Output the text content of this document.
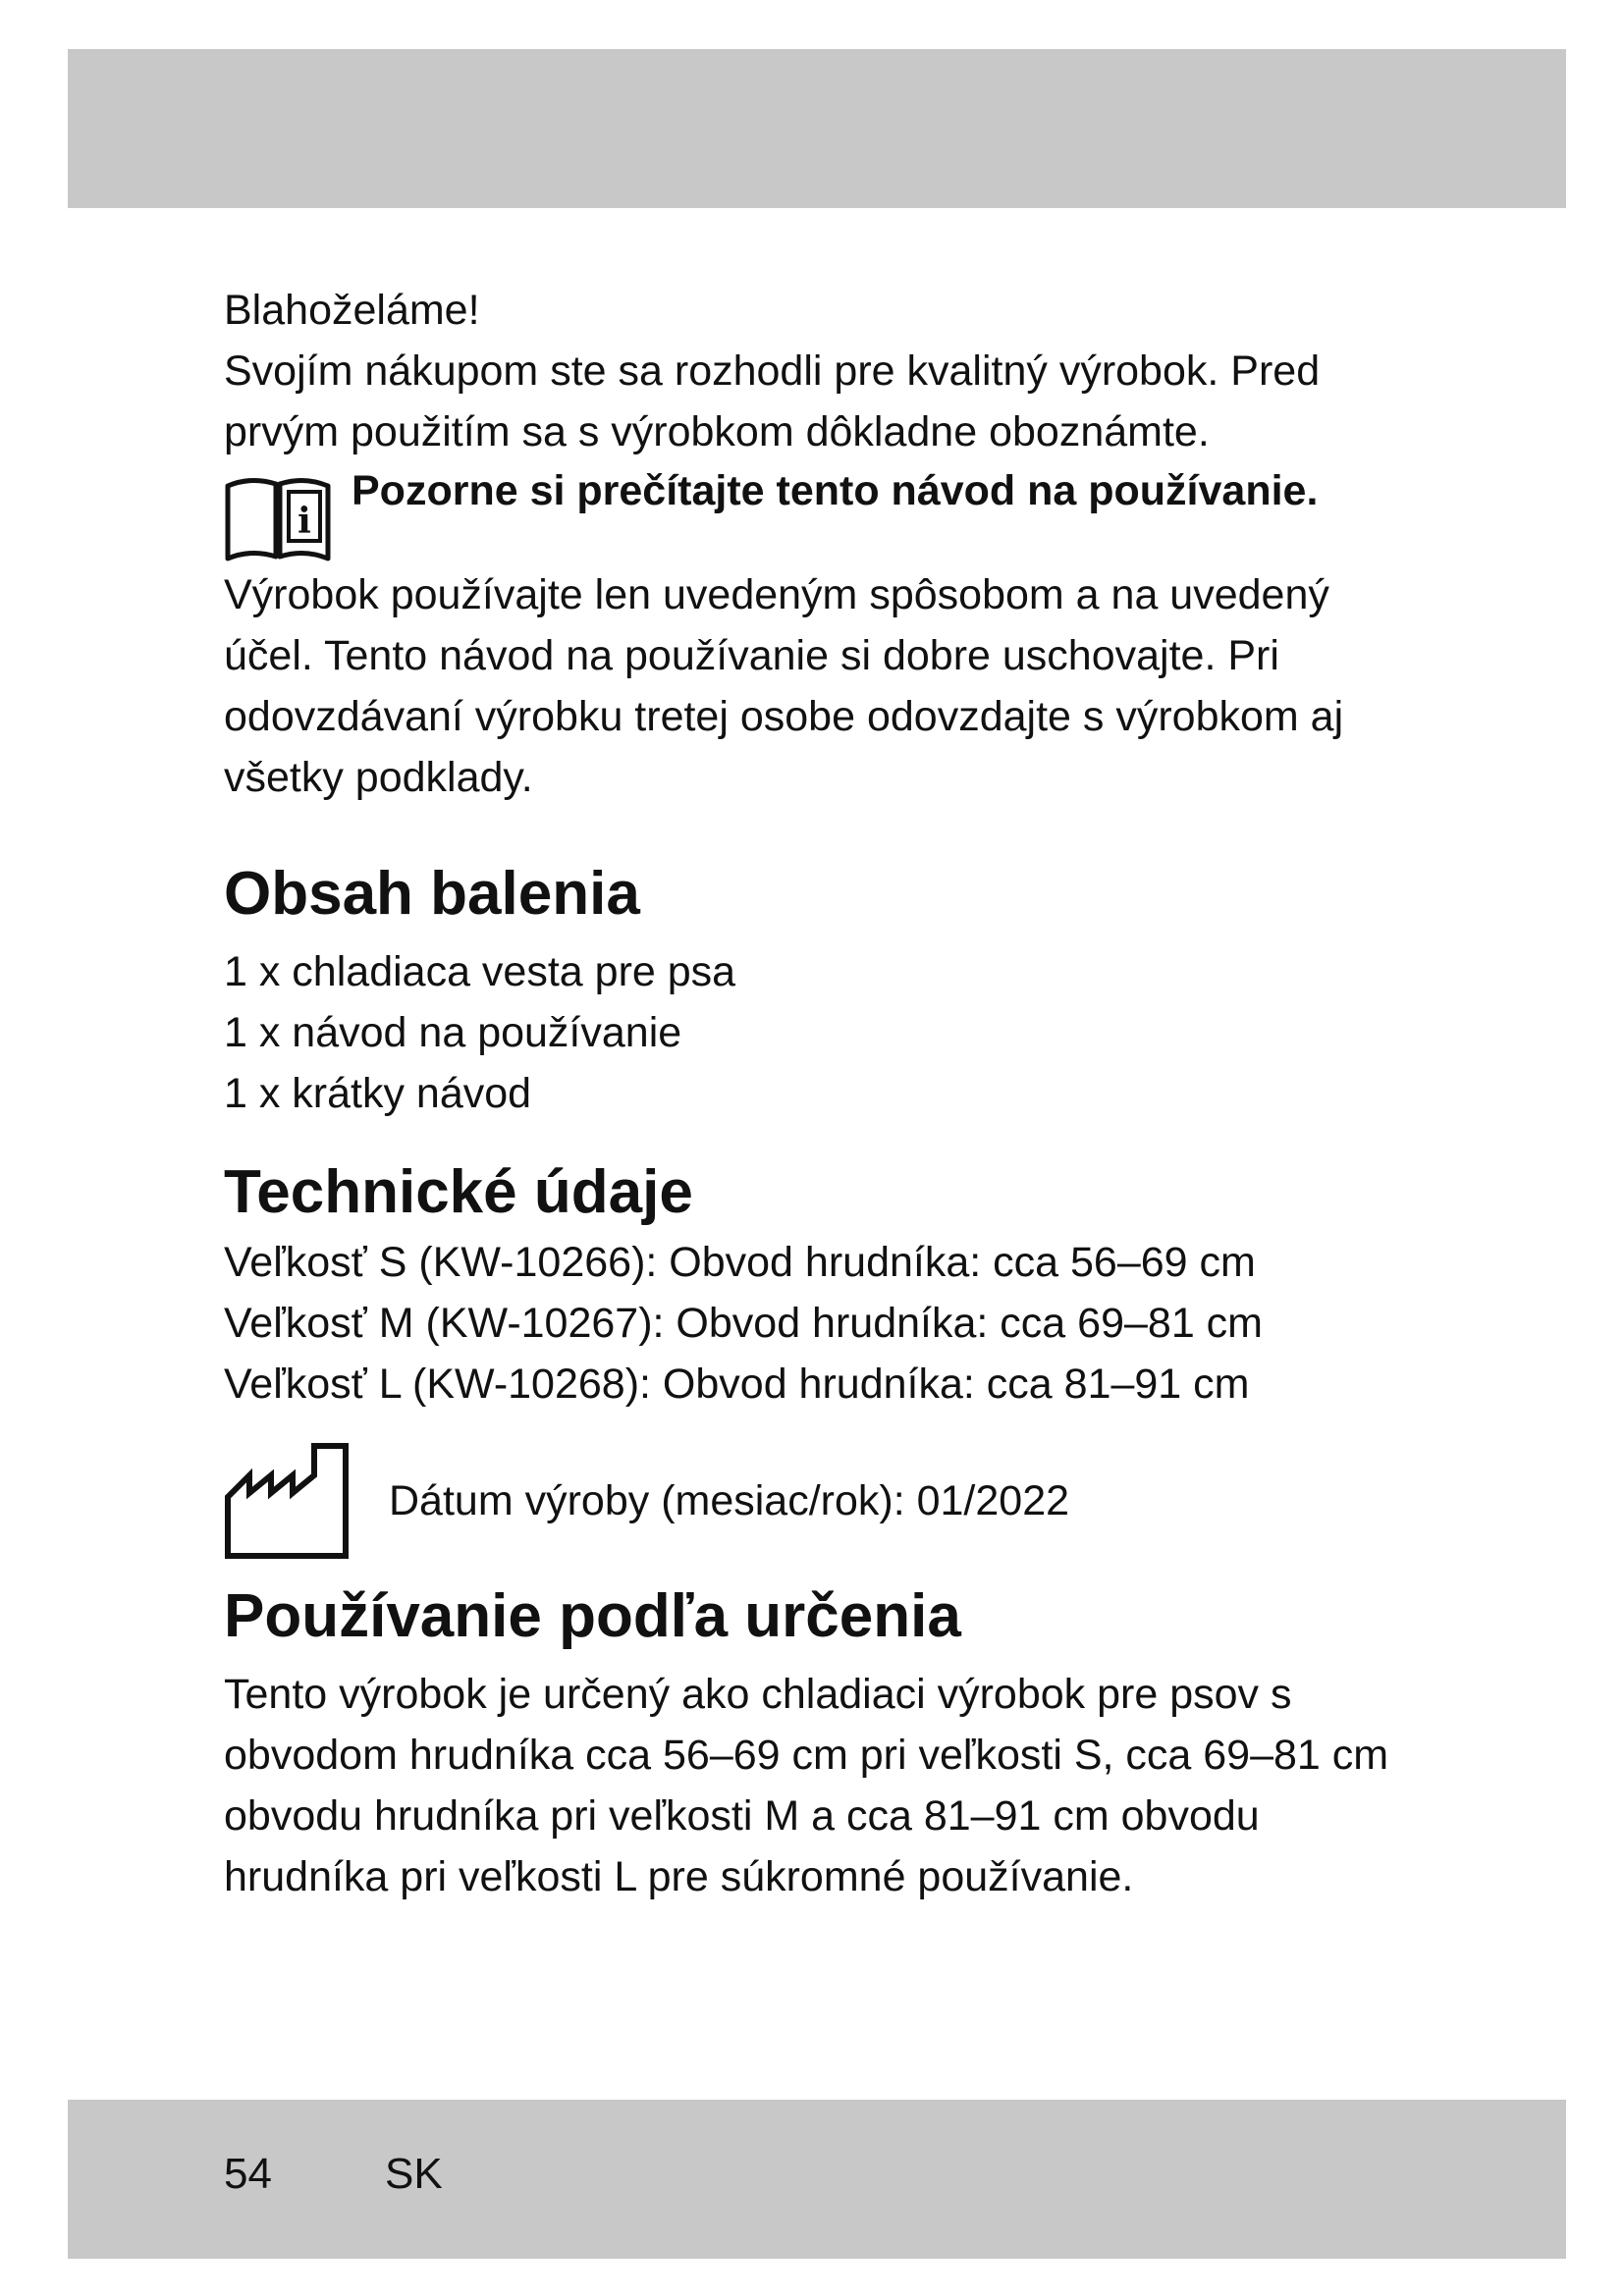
Blahoželáme!

Svojím nákupom ste sa rozhodli pre kvalitný výrobok. Pred prvým použitím sa s výrobkom dôkladne oboznámte.

i

Pozorne si prečítajte tento návod na používanie.

Výrobok používajte len uvedeným spôsobom a na uvedený účel. Tento návod na používanie si dobre uschovajte. Pri odovzdávaní výrobku tretej osobe odovzdajte s výrobkom aj všetky podklady.

Obsah balenia

1 x chladiaca vesta pre psa

1 x návod na používanie

1 x krátky návod

Technické údaje

Veľkosť S (KW-10266): Obvod hrudníka: cca 56–69 cm

Veľkosť M (KW-10267): Obvod hrudníka: cca 69–81 cm

Veľkosť L (KW-10268): Obvod hrudníka: cca 81–91 cm

Dátum výroby (mesiac/rok): 01/2022
Používanie podľa určenia

Tento výrobok je určený ako chladiaci výrobok pre psov s obvodom hrudníka cca 56–69 cm pri veľkosti S, cca 69–81 cm obvodu hrudníka pri veľkosti M a cca 81–91 cm obvodu hrudníka pri veľkosti L pre súkromné používanie.

54	SK
